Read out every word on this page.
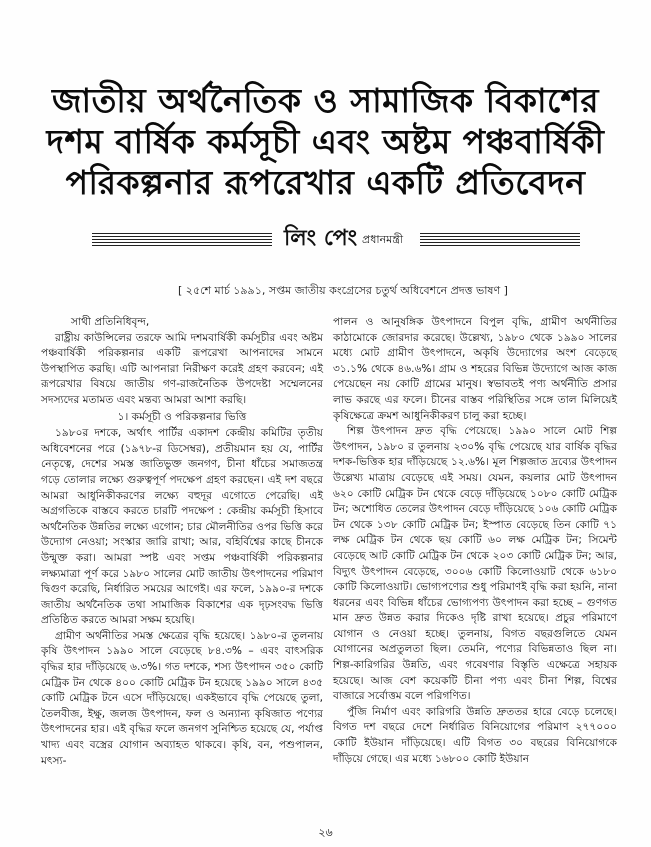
জাতীয় অর্থনৈতিক ও সামাজিক বিকাশের
দশম বার্ষিক কর্মসূচী এবং অষ্টম পঞ্চবার্ষিকী
পরিকল্পনার রূপরেখার একটি প্রতিবেদন
লিং পেং প্রধানমন্ত্রী
[ ২৫শে মার্চ ১৯৯১, সপ্তম জাতীয় কংগ্রেসের চতুর্থ অধিবেশনে প্রদত্ত ভাষণ ]

সাথী প্রতিনিধিবৃন্দ,

রাষ্ট্রীয় কাউন্সিলের তরফে আমি দশমবার্ষিকী কর্মসূচীর এবং অষ্টম পঞ্চবার্ষিকী পরিকল্পনার একটি রূপরেখা আপনাদের সামনে উপস্থাপিত করছি। এটি আপনারা নিরীক্ষণ করেই গ্রহণ করবেন; এই রূপরেখার বিষয়ে জাতীয় গণ-রাজনৈতিক উপদেষ্টা সম্মেলনের সদস্যদের মতামত এবং মন্তব্য আমরা আশা করছি।

১। কর্মসূচী ও পরিকল্পনার ভিত্তি

১৯৮০র দশকে, অর্থাৎ পার্টির একাদশ কেন্দ্রীয় কমিটির তৃতীয় অধিবেশনের পরে (১৯৭৮-র ডিসেম্বর), প্রতীয়মান হয় যে, পার্টির নেতৃত্বে, দেশের সমস্ত জাতিভুক্ত জনগণ, চীনা ধাঁচের সমাজতন্ত্র গড়ে তোলার লক্ষ্যে গুরুত্বপূর্ণ পদক্ষেপ গ্রহণ করছেন। এই দশ বছরে আমরা আধুনিকীকরণের লক্ষ্যে বহুদূর এগোতে পেরেছি। এই অগ্রগতিকে বাস্তবে করতে চারটি পদক্ষেপ : কেন্দ্রীয় কর্মসূচী হিসাবে অর্থনৈতিক উন্নতির লক্ষ্যে এগোন; চার মৌলনীতির ওপর ভিত্তি করে উদ্যোগ নেওয়া; সংস্কার জারি রাখা; আর, বহির্বিশ্বের কাছে চীনকে উন্মুক্ত করা। আমরা স্পষ্ট এবং সপ্তম পঞ্চবার্ষিকী পরিকল্পনার লক্ষ্যমাত্রা পূর্ণ করে ১৯৮০ সালের মোট জাতীয় উৎপাদনের পরিমাণ দ্বিগুণ করেছি, নির্ধারিত সময়ের আগেই। এর ফলে, ১৯৯০-র দশকে জাতীয় অর্থনৈতিক তথা সামাজিক বিকাশের এক দৃঢ়সংবদ্ধ ভিত্তি প্রতিষ্ঠিত করতে আমরা সক্ষম হয়েছি।

গ্রামীণ অর্থনীতির সমস্ত ক্ষেত্রের বৃদ্ধি হয়েছে। ১৯৮০-র তুলনায় কৃষি উৎপাদন ১৯৯০ সালে বেড়েছে ৮৪.৩% – এবং বাৎসরিক বৃদ্ধির হার দাঁড়িয়েছে ৬.৩%। গত দশকে, শস্য উৎপাদন ৩৫০ কোটি মেট্রিক টন থেকে ৪০০ কোটি মেট্রিক টন হয়েছে ১৯৯০ সালে ৪৩৫ কোটি মেট্রিক টনে এসে দাঁড়িয়েছে। একইভাবে বৃদ্ধি পেয়েছে তুলা, তৈলবীজ, ইক্ষু, জলজ উৎপাদন, ফল ও অন্যান্য কৃষিজাত পণ্যের উৎপাদনের হার। এই বৃদ্ধির ফলে জনগণ সুনিশ্চিত হয়েছে যে, পর্যাপ্ত খাদ্য এবং বস্ত্রের যোগান অব্যাহত থাকবে। কৃষি, বন, পশুপালন, মৎস্য-

পালন ও আনুষঙ্গিক উৎপাদনে বিপুল বৃদ্ধি, গ্রামীণ অর্থনীতির কাঠামোকে জোরদার করেছে। উল্লেখ্য, ১৯৮০ থেকে ১৯৯০ সালের মধ্যে মোট গ্রামীণ উৎপাদনে, অকৃষি উদ্যোগের অংশ বেড়েছে ৩১.১% থেকে ৪৬.৬%। গ্রাম ও শহরের বিভিন্ন উদ্যোগে আজ কাজ পেয়েছেন নয় কোটি গ্রামের মানুষ। স্বভাবতই পণ্য অর্থনীতি প্রসার লাভ করছে এর ফলে। চীনের বাস্তব পরিস্থিতির সঙ্গে তাল মিলিয়েই কৃষিক্ষেত্রে ক্রমশ আধুনিকীকরণ চালু করা হচ্ছে।

শিল্প উৎপাদন দ্রুত বৃদ্ধি পেয়েছে। ১৯৯০ সালে মোট শিল্প উৎপাদন, ১৯৮০ র তুলনায় ২৩০% বৃদ্ধি পেয়েছে যার বার্ষিক বৃদ্ধির দশক-ভিত্তিক হার দাঁড়িয়েছে ১২.৬%। মূল শিল্পজাত দ্রব্যের উৎপাদন উল্লেখ্য মাত্রায় বেড়েছে এই সময়। যেমন, কয়লার মোট উৎপাদন ৬২০ কোটি মেট্রিক টন থেকে বেড়ে দাঁড়িয়েছে ১০৮০ কোটি মেট্রিক টন; অশোধিত তেলের উৎপাদন বেড়ে দাঁড়িয়েছে ১০৬ কোটি মেট্রিক টন থেকে ১৩৮ কোটি মেট্রিক টন; ইস্পাত বেড়েছে তিন কোটি ৭১ লক্ষ মেট্রিক টন থেকে ছয় কোটি ৬০ লক্ষ মেট্রিক টন; সিমেন্ট বেড়েছে আট কোটি মেট্রিক টন থেকে ২০৩ কোটি মেট্রিক টন; আর, বিদ্যুৎ উৎপাদন বেড়েছে, ৩০০৬ কোটি কিলোওয়াট থেকে ৬১৮০ কোটি কিলোওয়াট। ভোগ্যপণ্যের শুধু পরিমাণই বৃদ্ধি করা হয়নি, নানা ধরনের এবং বিভিন্ন ধাঁচের ভোগ্যপণ্য উৎপাদন করা হচ্ছে – গুণগত মান দ্রুত উন্নত করার দিকেও দৃষ্টি রাখা হয়েছে। প্রচুর পরিমাণে যোগান ও নেওয়া হচ্ছে। তুলনায়, বিগত বছরগুলিতে যেমন যোগানের অপ্রতুলতা ছিল। তেমনি, পণ্যের বিভিন্নতাও ছিল না। শিল্প-কারিগরির উন্নতি, এবং গবেষণার বিস্তৃতি এক্ষেত্রে সহায়ক হয়েছে। আজ বেশ কয়েকটি চীনা পণ্য এবং চীনা শিল্প, বিশ্বের বাজারে সর্বোত্তম বলে পরিগণিত।

পুঁজি নির্মাণ এবং কারিগরি উন্নতি দ্রুততর হারে বেড়ে চলেছে। বিগত দশ বছরে দেশে নির্ধারিত বিনিয়োগের পরিমাণ ২৭৭০০০ কোটি ইউয়ান দাঁড়িয়েছে। এটি বিগত ৩০ বছরের বিনিয়োগকে দাঁড়িয়ে গেছে। এর মধ্যে ১৬৮০০ কোটি ইউয়ান

২৬
